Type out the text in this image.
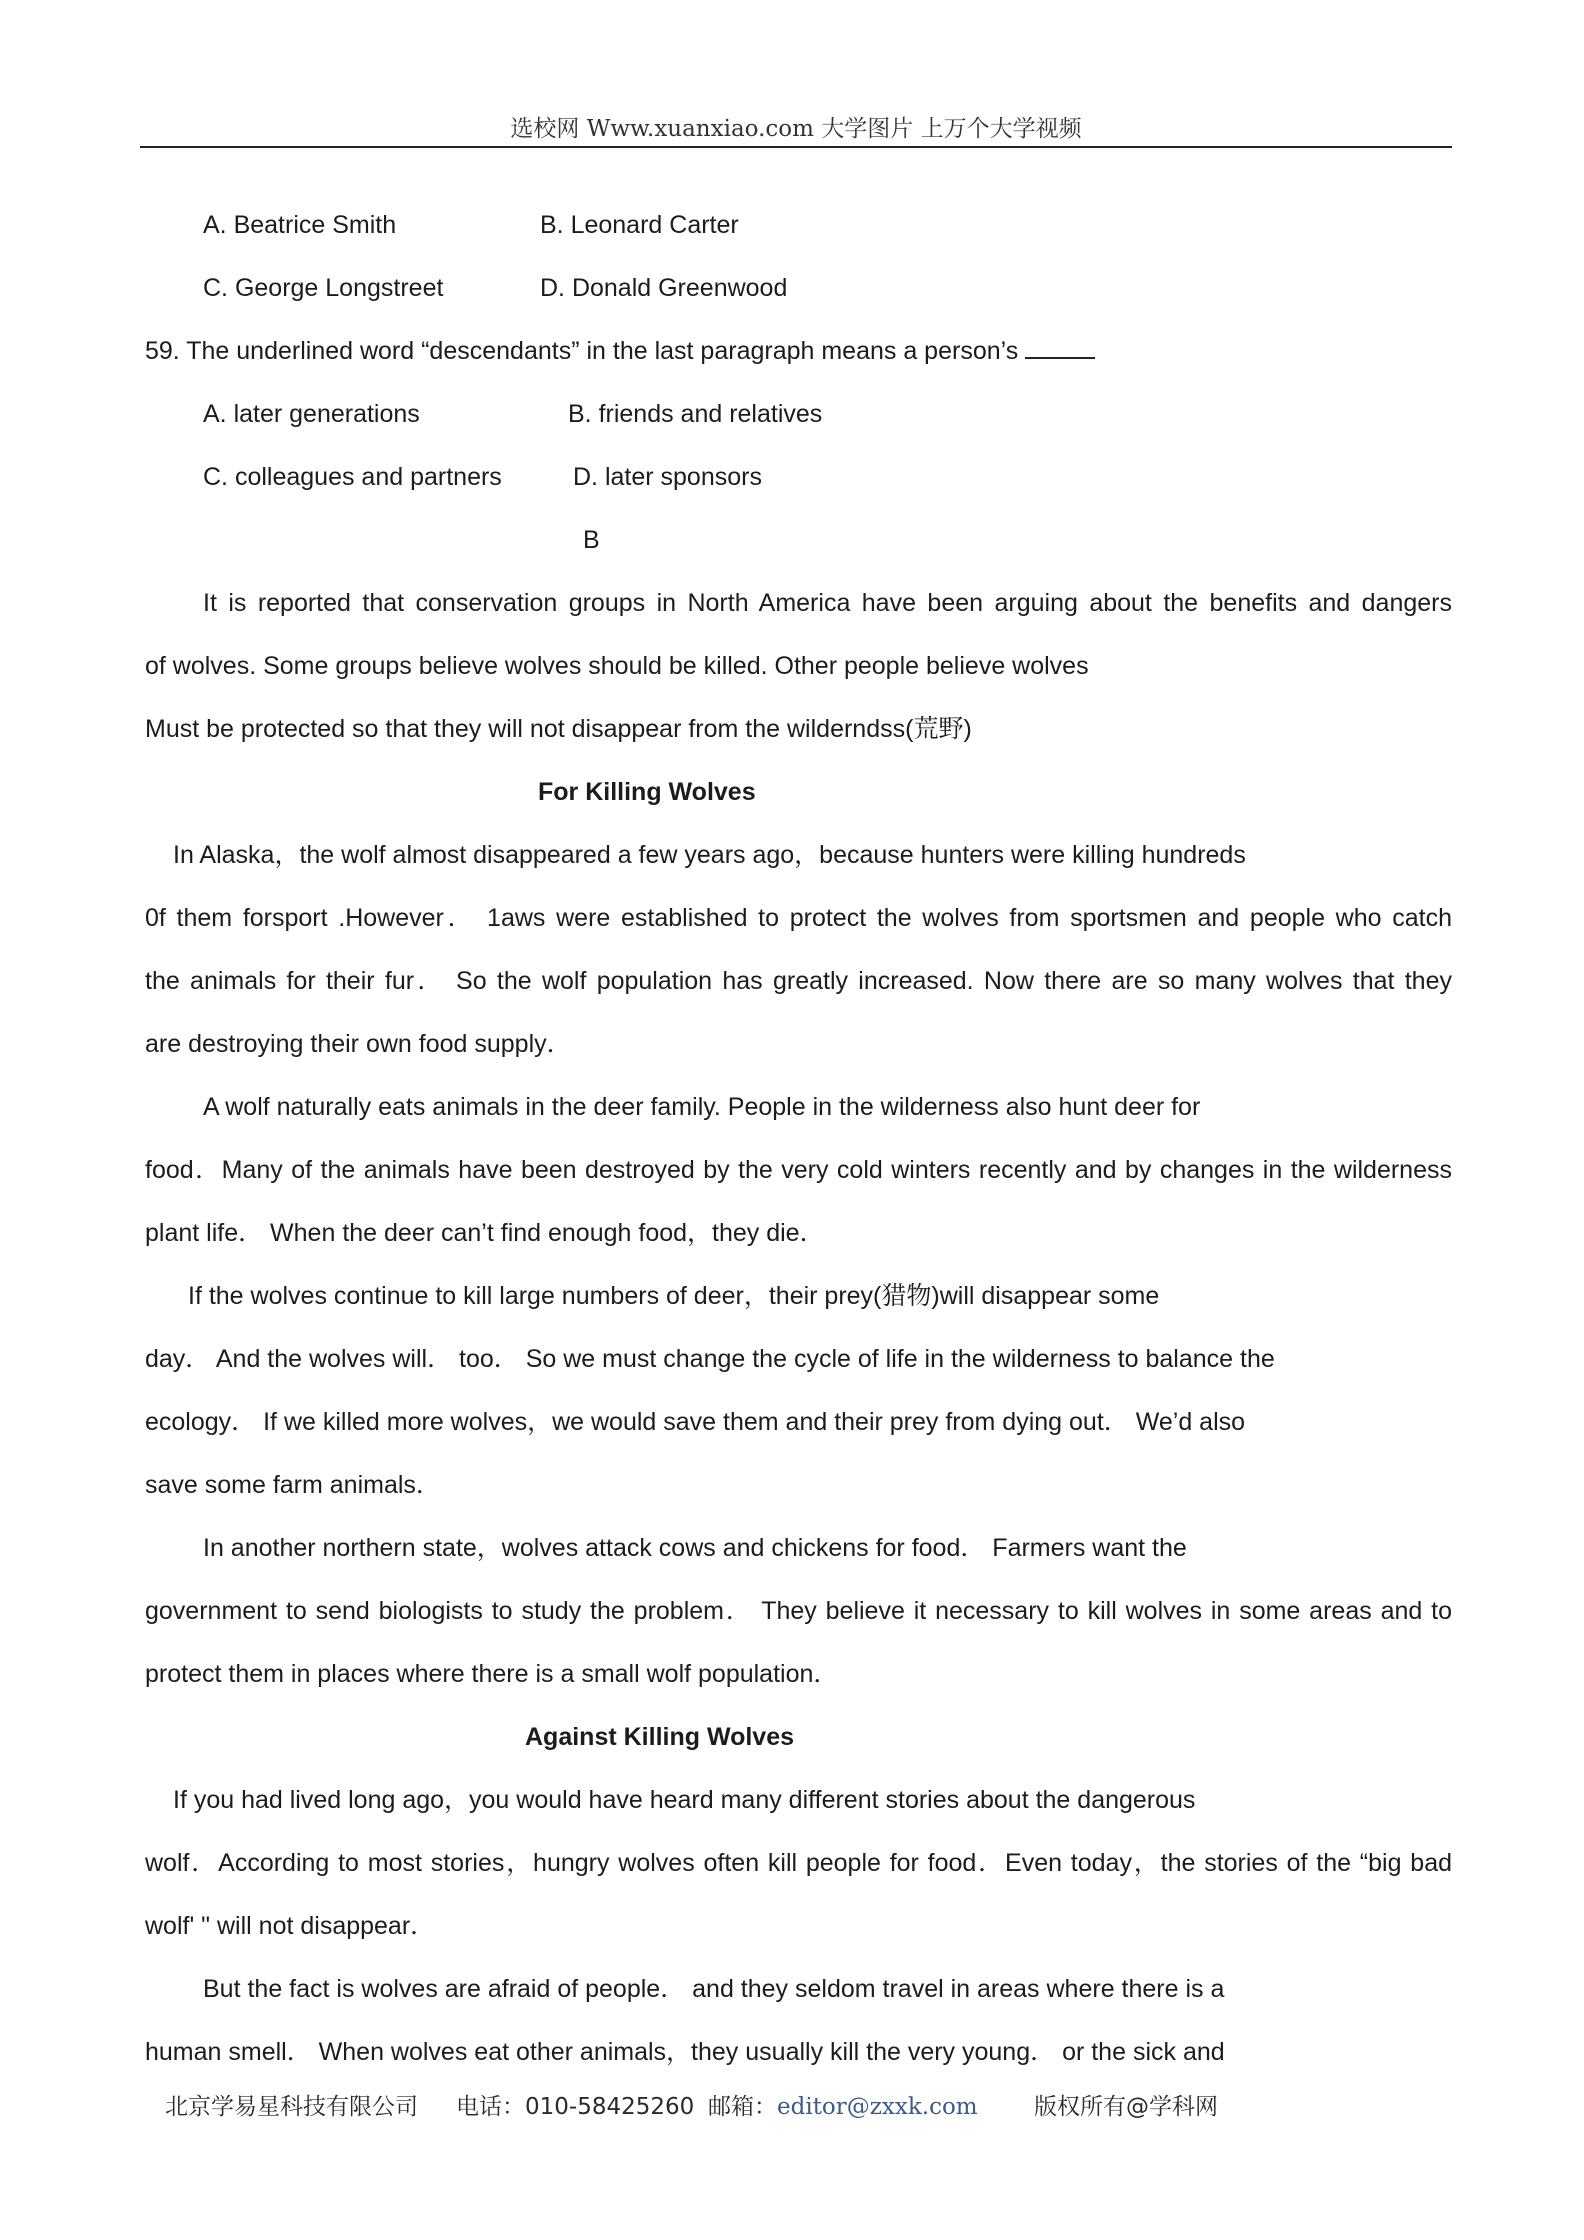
选校网 Www.xuanxiao.com 大学图片 上万个大学视频
A. Beatrice Smith	B. Leonard Carter
C. George Longstreet	D. Donald Greenwood
59. The underlined word “descendants” in the last paragraph means a person’s
A. later generations	B. friends and relatives
C. colleagues and partners	D. later sponsors
B
It is reported that conservation groups in North America have been arguing about the benefits and dangers
of wolves. Some groups believe wolves should be killed. Other people believe wolves
Must be protected so that they will not disappear from the wilderndss(荒野)
For Killing Wolves
In Alaska，the wolf almost disappeared a few years ago，because hunters were killing hundreds
0f them forsport .However． 1aws were established to protect the wolves from sportsmen and people who catch
the animals for their fur． So the wolf population has greatly increased. Now there are so many wolves that they
are destroying their own food supply．
A wolf naturally eats animals in the deer family. People in the wilderness also hunt deer for
food．Many of the animals have been destroyed by the very cold winters recently and by changes in the wilderness
plant life． When the deer can’t find enough food，they die．
If the wolves continue to kill large numbers of deer，their prey(猎物)will disappear some
day． And the wolves will． too． So we must change the cycle of life in the wilderness to balance the
ecology． If we killed more wolves，we would save them and their prey from dying out． We’d also
save some farm animals．
In another northern state，wolves attack cows and chickens for food． Farmers want the
government to send biologists to study the problem． They believe it necessary to kill wolves in some areas and to
protect them in places where there is a small wolf population．
Against Killing Wolves
If you had lived long ago，you would have heard many different stories about the dangerous
wolf．According to most stories，hungry wolves often kill people for food．Even today，the stories of the “big bad
wolf' " will not disappear．
But the fact is wolves are afraid of people． and they seldom travel in areas where there is a
human smell． When wolves eat other animals，they usually kill the very young． or the sick and
北京学易星科技有限公司 电话：010-58425260 邮箱：editor@zxxk.com 版权所有@学科网
